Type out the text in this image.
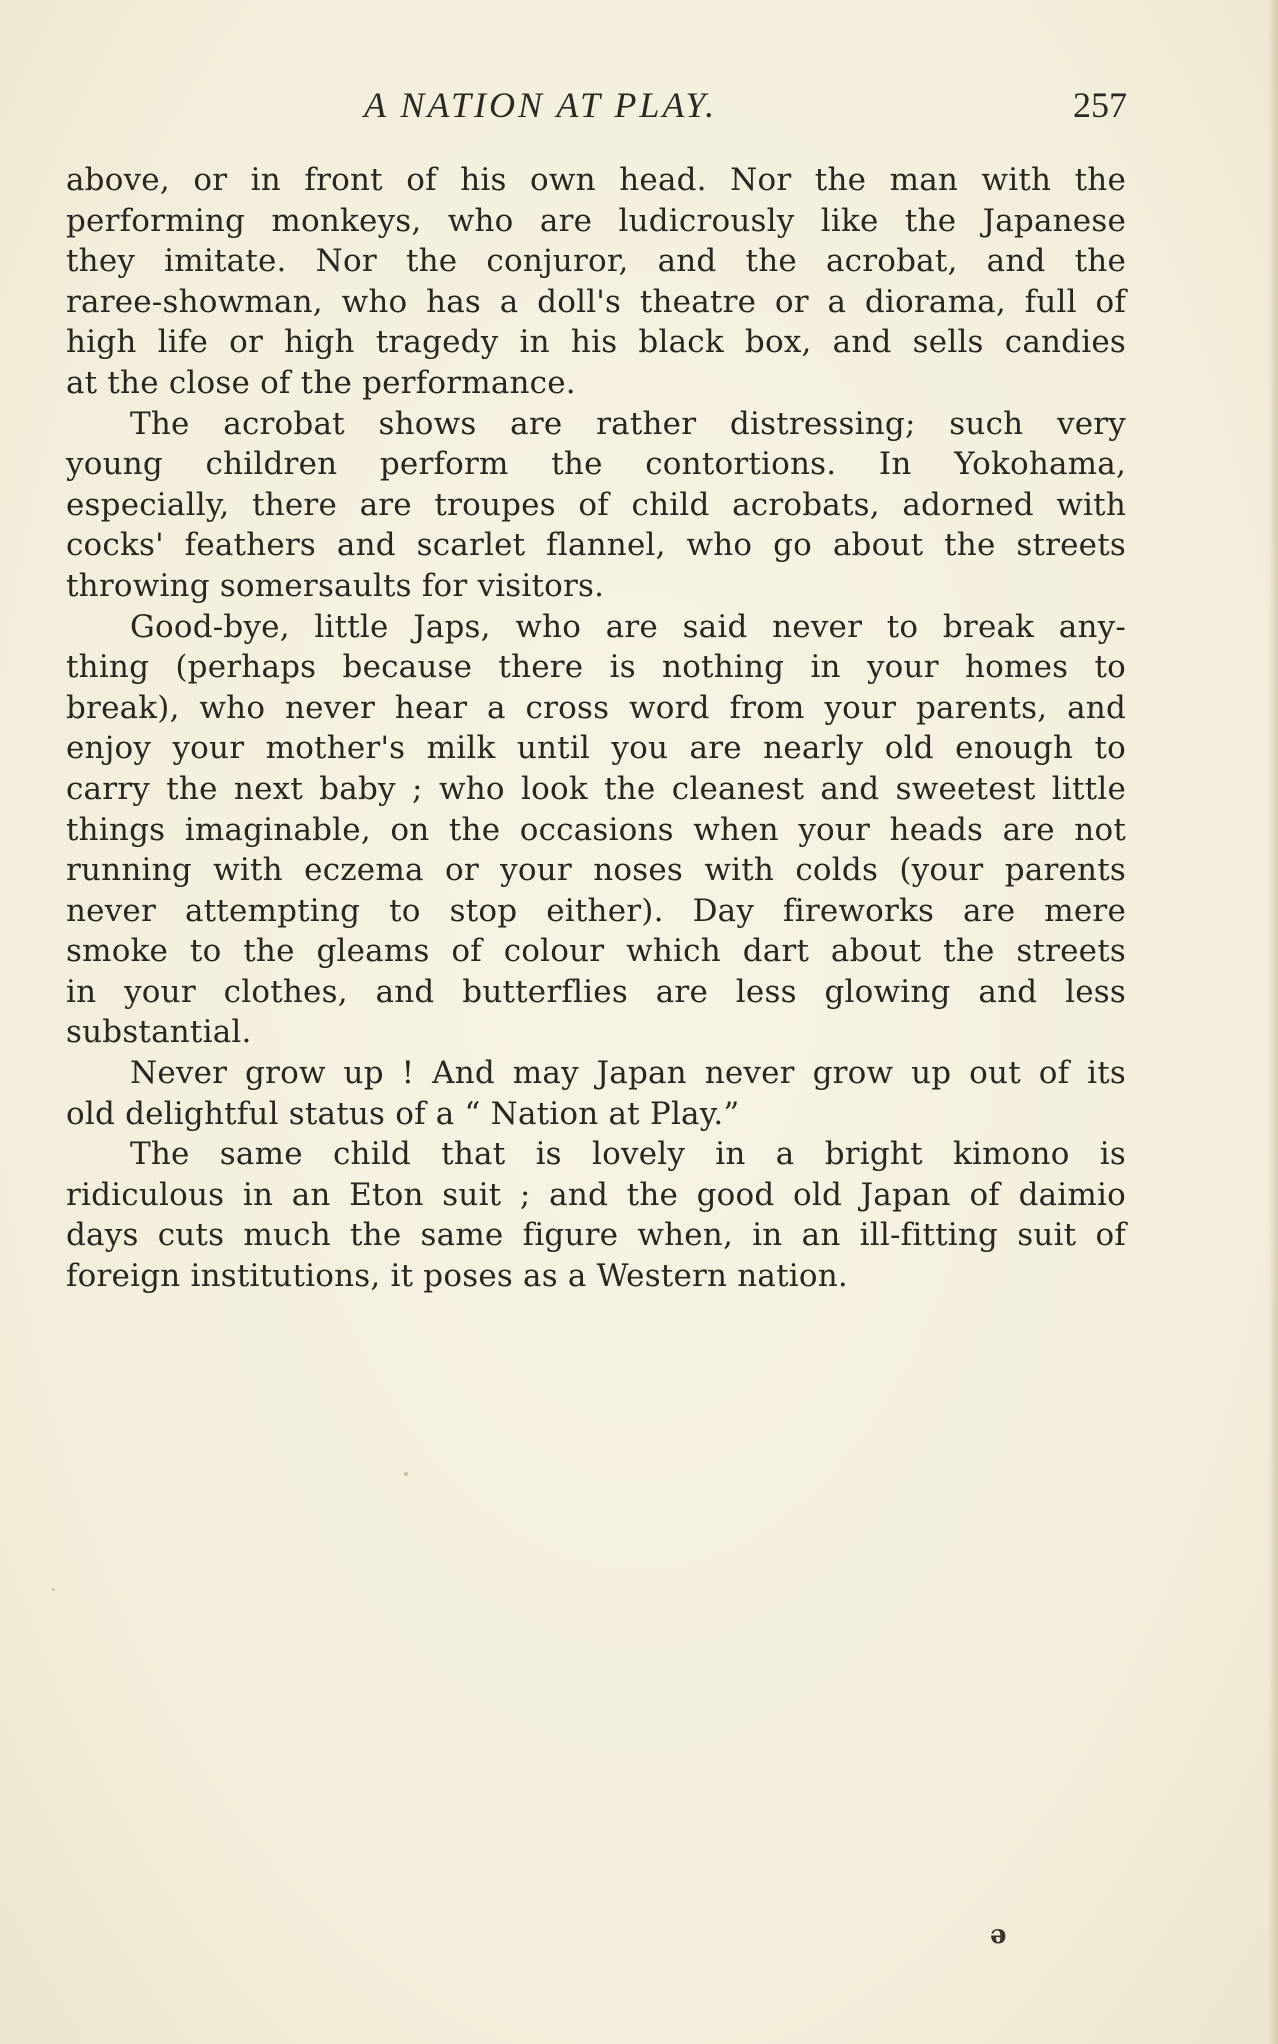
A NATION AT PLAY.	257
above, or in front of his own head. Nor the man with the
performing monkeys, who are ludicrously like the Japanese
they imitate. Nor the conjuror, and the acrobat, and the
raree-showman, who has a doll's theatre or a diorama, full of
high life or high tragedy in his black box, and sells candies
at the close of the performance.
The acrobat shows are rather distressing; such very
young children perform the contortions. In Yokohama,
especially, there are troupes of child acrobats, adorned with
cocks' feathers and scarlet flannel, who go about the streets
throwing somersaults for visitors.
Good-bye, little Japs, who are said never to break any-
thing (perhaps because there is nothing in your homes to
break), who never hear a cross word from your parents, and
enjoy your mother's milk until you are nearly old enough to
carry the next baby ; who look the cleanest and sweetest little
things imaginable, on the occasions when your heads are not
running with eczema or your noses with colds (your parents
never attempting to stop either). Day fireworks are mere
smoke to the gleams of colour which dart about the streets
in your clothes, and butterflies are less glowing and less
substantial.
Never grow up ! And may Japan never grow up out of its
old delightful status of a “ Nation at Play.”
The same child that is lovely in a bright kimono is
ridiculous in an Eton suit ; and the good old Japan of daimio
days cuts much the same figure when, in an ill-fitting suit of
foreign institutions, it poses as a Western nation.
ə
